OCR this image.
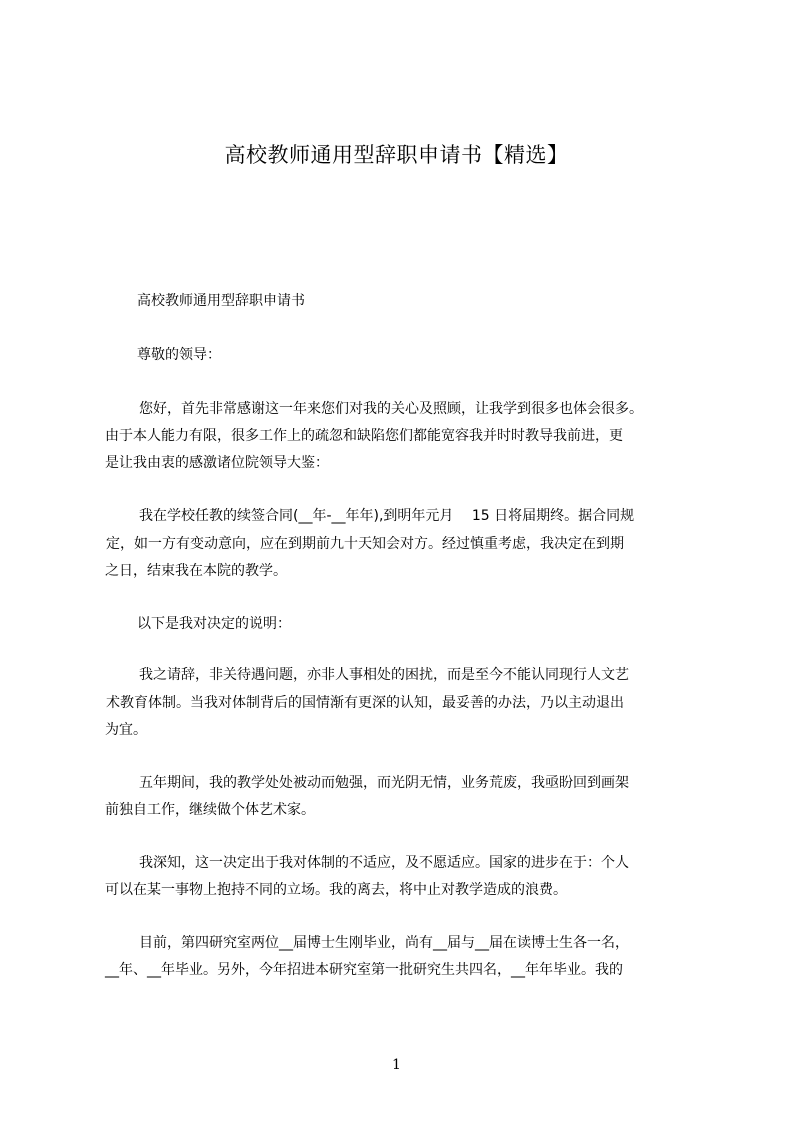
高校教师通用型辞职申请书【精选】
高校教师通用型辞职申请书
尊敬的领导：
您好，首先非常感谢这一年来您们对我的关心及照顾，让我学到很多也体会很多。
由于本人能力有限，很多工作上的疏忽和缺陷您们都能宽容我并时时教导我前进，更
是让我由衷的感激诸位院领导大鉴：
我在学校任教的续签合同(__年-__年年),到明年元月　 15 日将届期终。据合同规
定，如一方有变动意向，应在到期前九十天知会对方。经过慎重考虑，我决定在到期
之日，结束我在本院的教学。
以下是我对决定的说明：
我之请辞，非关待遇问题，亦非人事相处的困扰，而是至今不能认同现行人文艺
术教育体制。当我对体制背后的国情渐有更深的认知，最妥善的办法，乃以主动退出
为宜。
五年期间，我的教学处处被动而勉强，而光阴无情，业务荒废，我亟盼回到画架
前独自工作，继续做个体艺术家。
我深知，这一决定出于我对体制的不适应，及不愿适应。国家的进步在于：个人
可以在某一事物上抱持不同的立场。我的离去，将中止对教学造成的浪费。
目前，第四研究室两位__届博士生刚毕业，尚有__届与__届在读博士生各一名，
__年、__年毕业。另外，今年招进本研究室第一批研究生共四名，__年年毕业。我的
1
